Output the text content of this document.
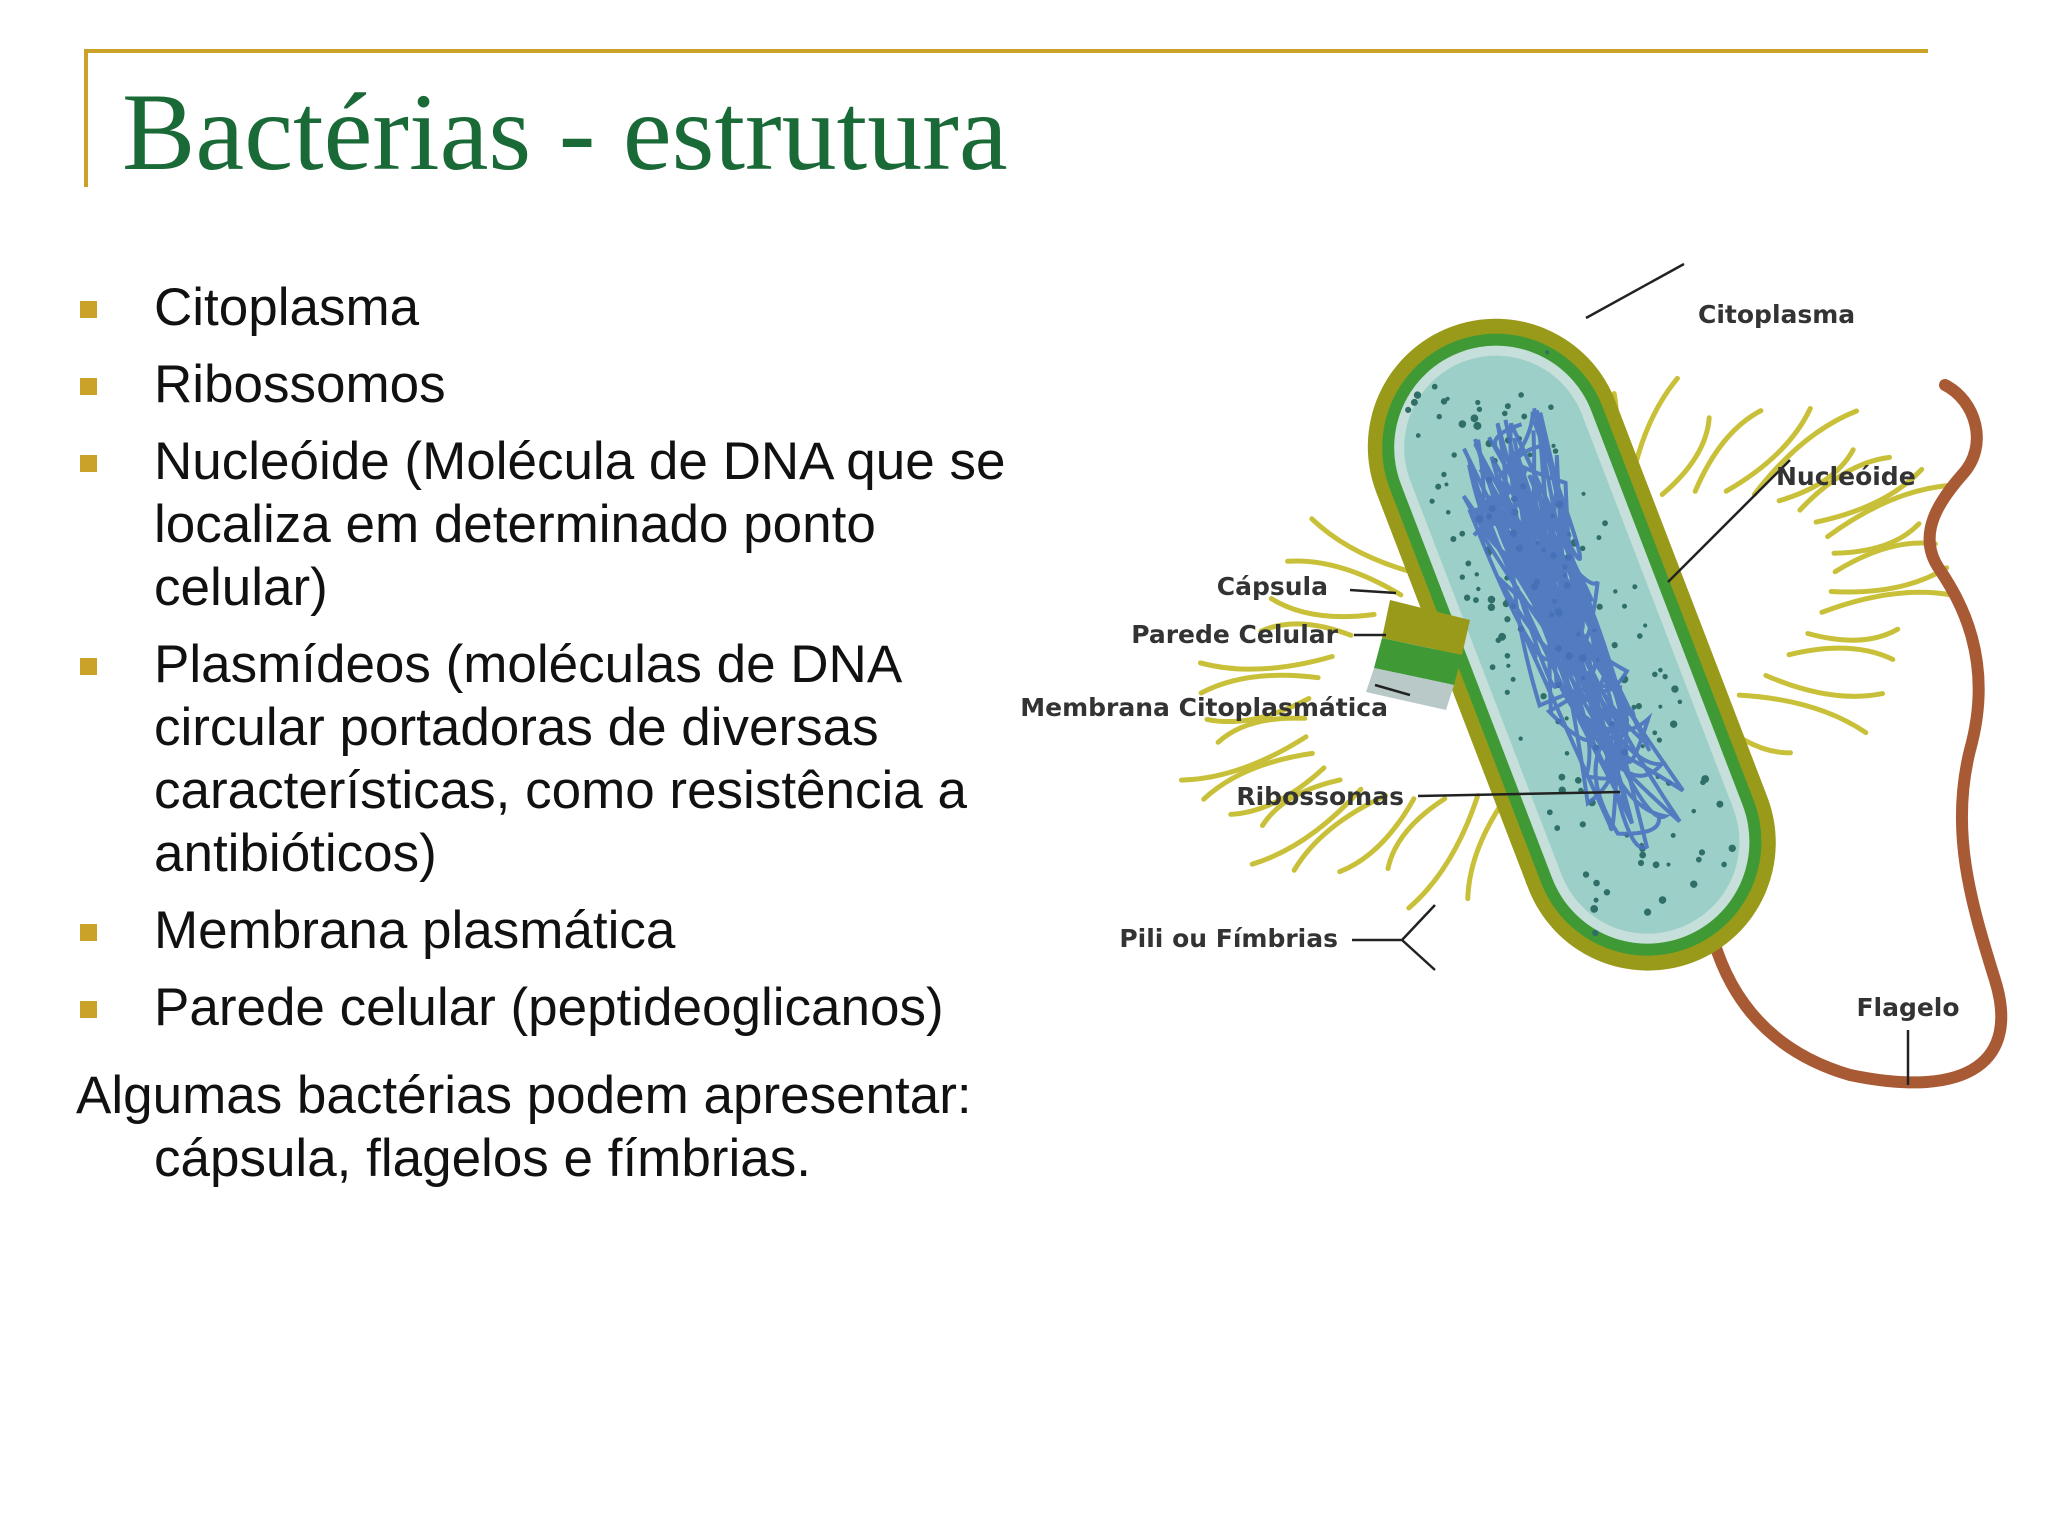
Bactérias - estrutura
Citoplasma
Ribossomos
Nucleóide (Molécula de DNA que se localiza em determinado ponto celular)
Plasmídeos (moléculas de DNA circular portadoras de diversas características, como resistência a antibióticos)
Membrana plasmática
Parede celular (peptideoglicanos)

Algumas bactérias podem apresentar: cápsula, flagelos e fímbrias.

Citoplasma
Nucleóide
Cápsula
Parede Celular
Membrana Citoplasmática
Ribossomas
Pili ou Fímbrias
Flagelo
